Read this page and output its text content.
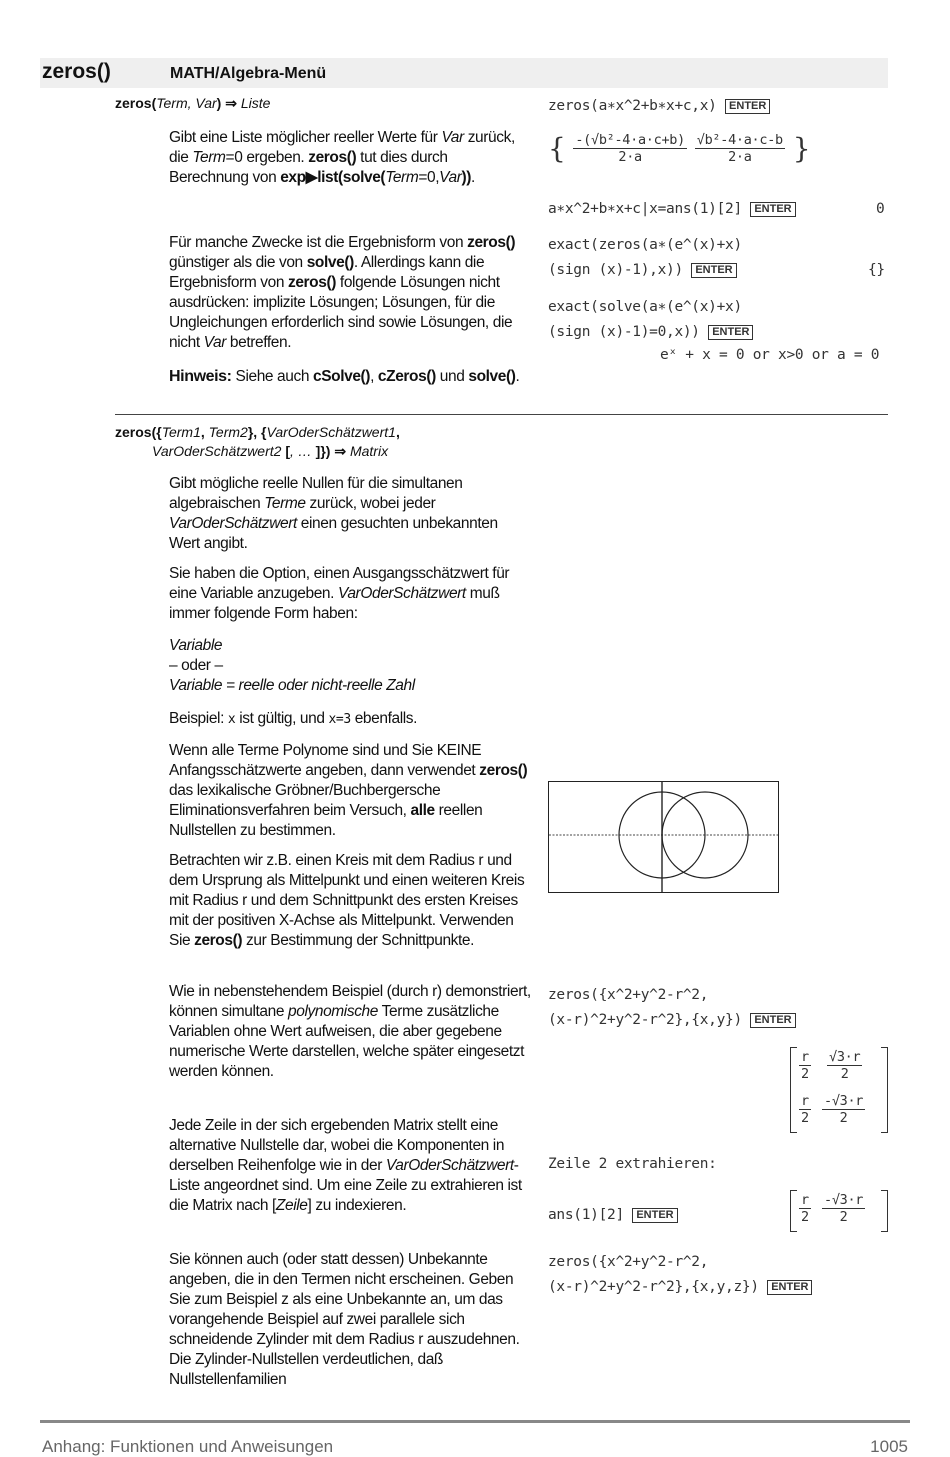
zeros()	MATH/Algebra-Menü
zeros(Term, Var) ⇒ Liste

Gibt eine Liste möglicher reeller Werte für Var zurück, die Term=0 ergeben. zeros() tut dies durch Berechnung von exp▶list(solve(Term=0,Var)).

Für manche Zwecke ist die Ergebnisform von zeros() günstiger als die von solve(). Allerdings kann die Ergebnisform von zeros() folgende Lösungen nicht ausdrücken: implizite Lösungen; Lösungen, für die Ungleichungen erforderlich sind sowie Lösungen, die nicht Var betreffen.

Hinweis: Siehe auch cSolve(), cZeros() und solve().

zeros(a∗x^2+b∗x+c,x) ENTER
{ $\frac{\text{-(√b²-4·a·c+b)}}{2\cdot a}$
$\frac{\text{√b²-4·a·c-b}}{2\cdot a}$ }
a∗x^2+b∗x+c|x=ans(1)[2] ENTER	0
exact(zeros(a∗(e^(x)+x)
(sign (x)-1),x)) ENTER	{}
exact(solve(a∗(e^(x)+x)
(sign (x)-1)=0,x)) ENTER
eˣ + x = 0 or x>0 or a = 0
zeros({Term1, Term2}, {VarOderSchätzwert1,
VarOderSchätzwert2 [, … ]}) ⇒ Matrix

Gibt mögliche reelle Nullen für die simultanen algebraischen Terme zurück, wobei jeder VarOderSchätzwert einen gesuchten unbekannten Wert angibt.

Sie haben die Option, einen Ausgangsschätzwert für eine Variable anzugeben. VarOderSchätzwert muß immer folgende Form haben:

Variable

– oder –

Variable = reelle oder nicht-reelle Zahl

Beispiel: x ist gültig, und x=3 ebenfalls.

Wenn alle Terme Polynome sind und Sie KEINE Anfangsschätzwerte angeben, dann verwendet zeros() das lexikalische Gröbner/Buchbergersche Eliminationsverfahren beim Versuch, alle reellen Nullstellen zu bestimmen.

Betrachten wir z.B. einen Kreis mit dem Radius r und dem Ursprung als Mittelpunkt und einen weiteren Kreis mit Radius r und dem Schnittpunkt des ersten Kreises mit der positiven X-Achse als Mittelpunkt. Verwenden Sie zeros() zur Bestimmung der Schnittpunkte.

Wie in nebenstehendem Beispiel (durch r) demonstriert, können simultane polynomische Terme zusätzliche Variablen ohne Wert aufweisen, die aber gegebene numerische Werte darstellen, welche später eingesetzt werden können.

Jede Zeile in der sich ergebenden Matrix stellt eine alternative Nullstelle dar, wobei die Komponenten in derselben Reihenfolge wie in der VarOderSchätzwert-Liste angeordnet sind. Um eine Zeile zu extrahieren ist die Matrix nach [Zeile] zu indexieren.

Sie können auch (oder statt dessen) Unbekannte angeben, die in den Termen nicht erscheinen. Geben Sie zum Beispiel z als eine Unbekannte an, um das vorangehende Beispiel auf zwei parallele sich schneidende Zylinder mit dem Radius r auszudehnen. Die Zylinder-Nullstellen verdeutlichen, daß Nullstellenfamilien

zeros({x^2+y^2-r^2,
(x-r)^2+y^2-r^2},{x,y}) ENTER
$\frac{r}{2} \frac{√3\cdot r}{2}$
$\frac{r}{2} \frac{-√3\cdot r}{2}$
Zeile 2 extrahieren:
ans(1)[2] ENTER	$\frac{r}{2} \frac{-√3\cdot r}{2}$
zeros({x^2+y^2-r^2,
(x-r)^2+y^2-r^2},{x,y,z}) ENTER
Anhang: Funktionen und Anweisungen	1005
